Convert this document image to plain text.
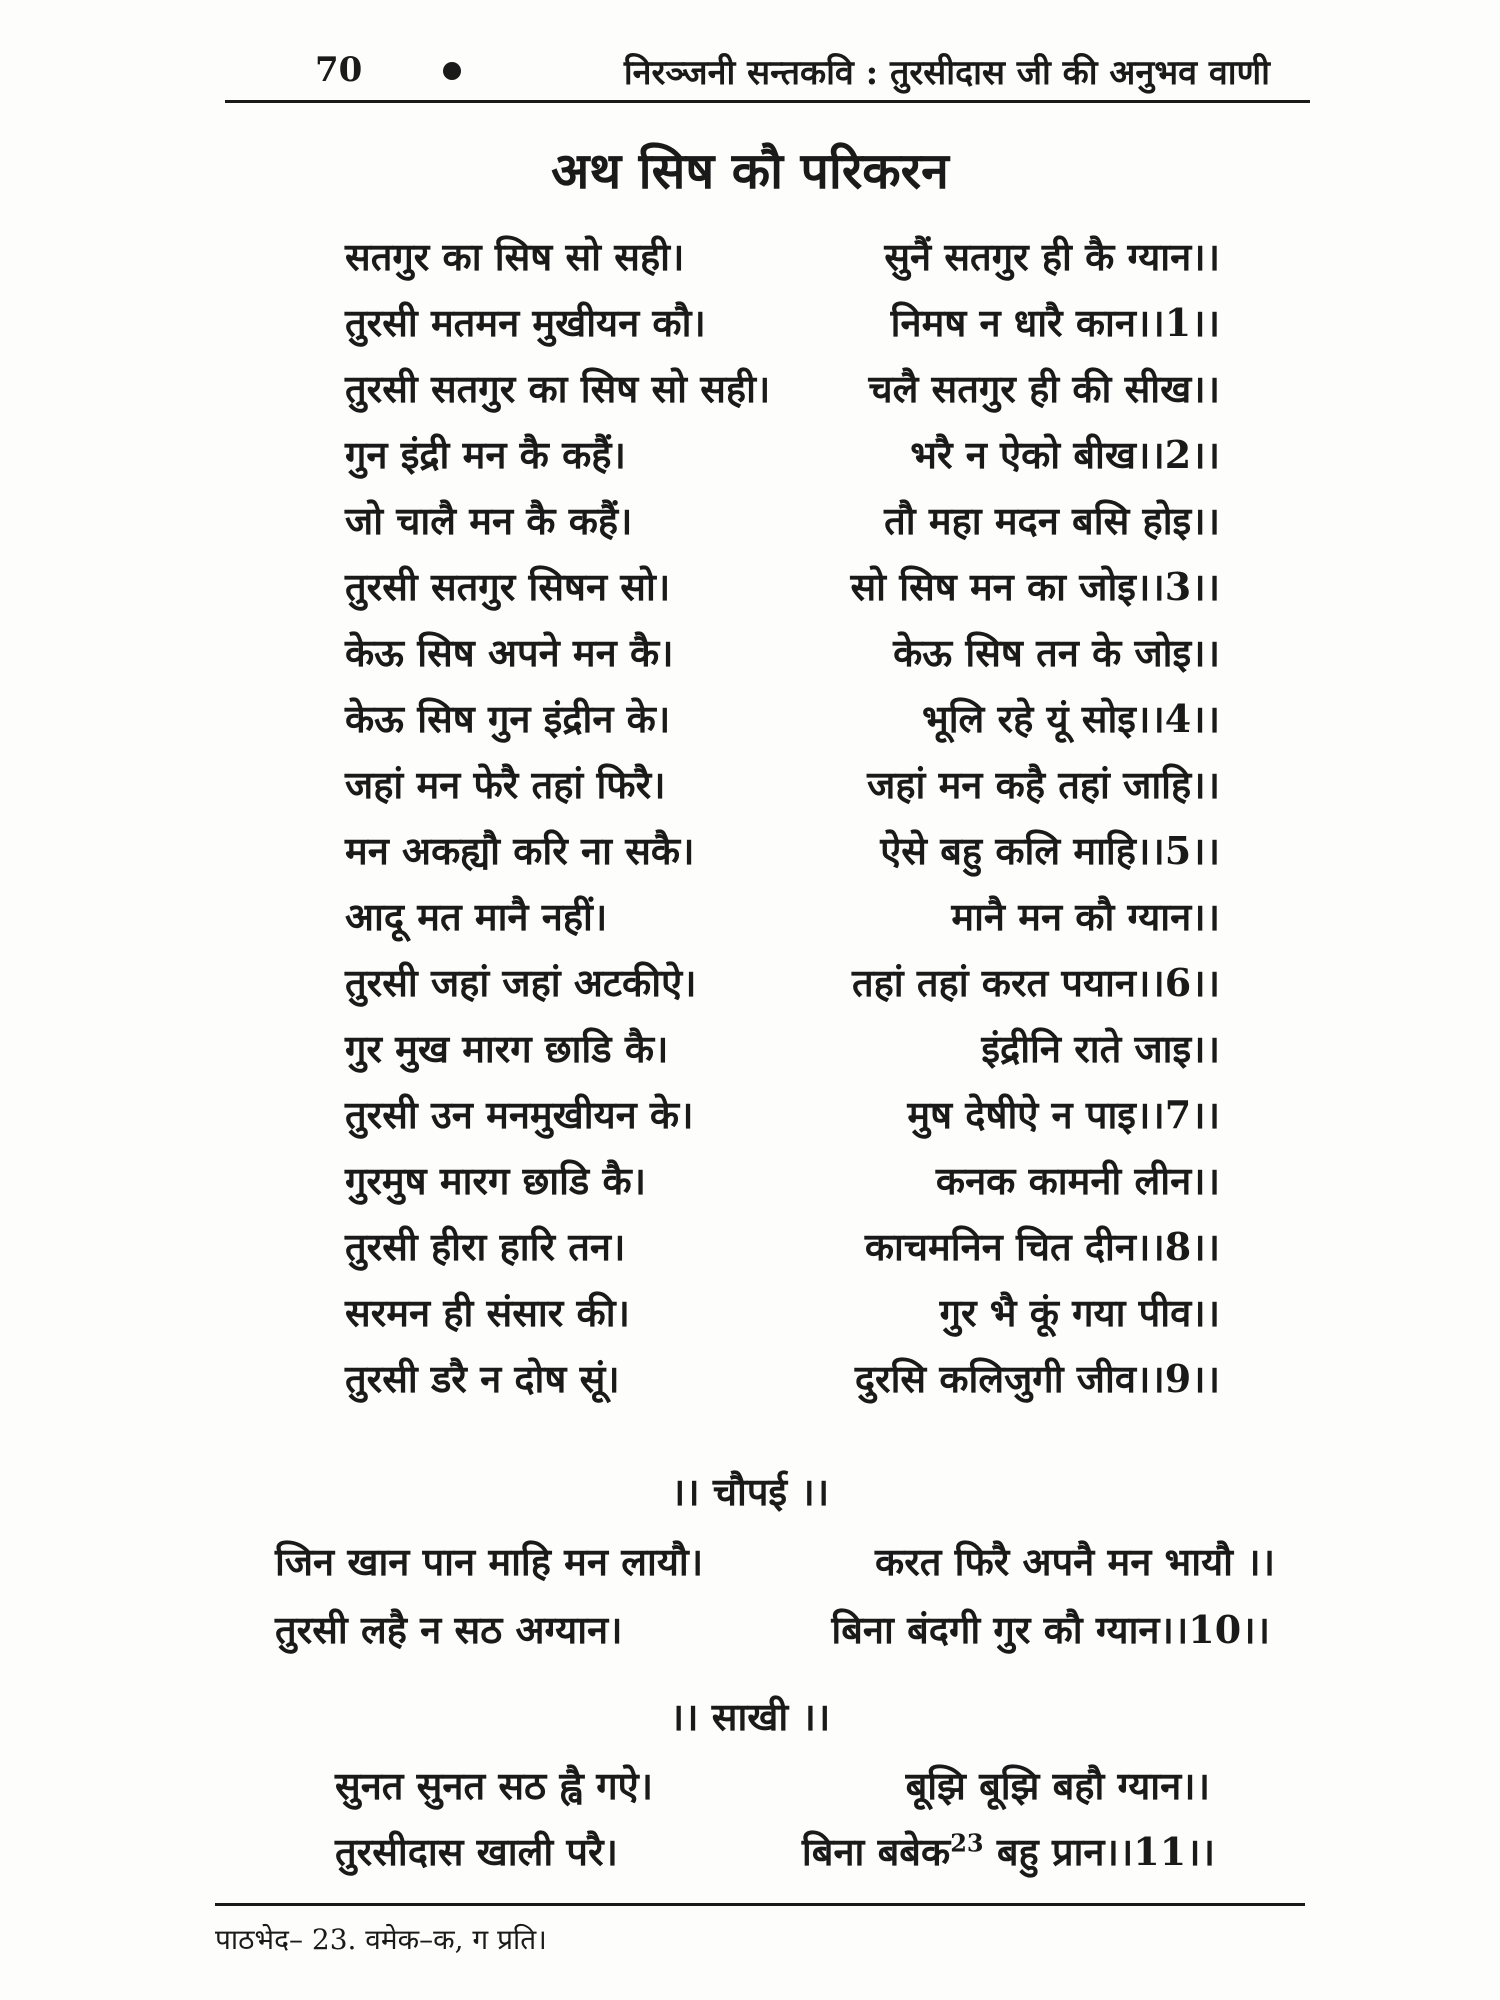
70	निरञ्जनी सन्तकवि : तुरसीदास जी की अनुभव वाणी
अथ सिष कौ परिकरन
सतगुर का सिष सो सही।	सुनैं सतगुर ही कै ग्यान।।
तुरसी मतमन मुखीयन कौ।	निमष न धारै कान।।1।।
तुरसी सतगुर का सिष सो सही।	चलै सतगुर ही की सीख।।
गुन इंद्री मन कै कहैं।	भरै न ऐको बीख।।2।।
जो चालै मन कै कहैं।	तौ महा मदन बसि होइ।।
तुरसी सतगुर सिषन सो।	सो सिष मन का जोइ।।3।।
केऊ सिष अपने मन कै।	केऊ सिष तन के जोइ।।
केऊ सिष गुन इंद्रीन के।	भूलि रहे यूं सोइ।।4।।
जहां मन फेरै तहां फिरै।	जहां मन कहै तहां जाहि।।
मन अकह्यौ करि ना सकै।	ऐसे बहु कलि माहि।।5।।
आदू मत मानै नहीं।	मानै मन कौ ग्यान।।
तुरसी जहां जहां अटकीऐ।	तहां तहां करत पयान।।6।।
गुर मुख मारग छाडि कै।	इंद्रीनि राते जाइ।।
तुरसी उन मनमुखीयन के।	मुष देषीऐ न पाइ।।7।।
गुरमुष मारग छाडि कै।	कनक कामनी लीन।।
तुरसी हीरा हारि तन।	काचमनिन चित दीन।।8।।
सरमन ही संसार की।	गुर भै कूं गया पीव।।
तुरसी डरै न दोष सूं।	दुरसि कलिजुगी जीव।।9।।
।। चौपई ।।
जिन खान पान माहि मन लायौ।	करत फिरै अपनै मन भायौ ।।
तुरसी लहै न सठ अग्यान।	बिना बंदगी गुर कौ ग्यान।।10।।
।। साखी ।।
सुनत सुनत सठ ह्वै गऐ।	बूझि बूझि बहौ ग्यान।।
तुरसीदास खाली परै।	बिना बबेक$^{23}$ बहु प्रान।।11।।
पाठभेद– 23. वमेक–क, ग प्रति।
